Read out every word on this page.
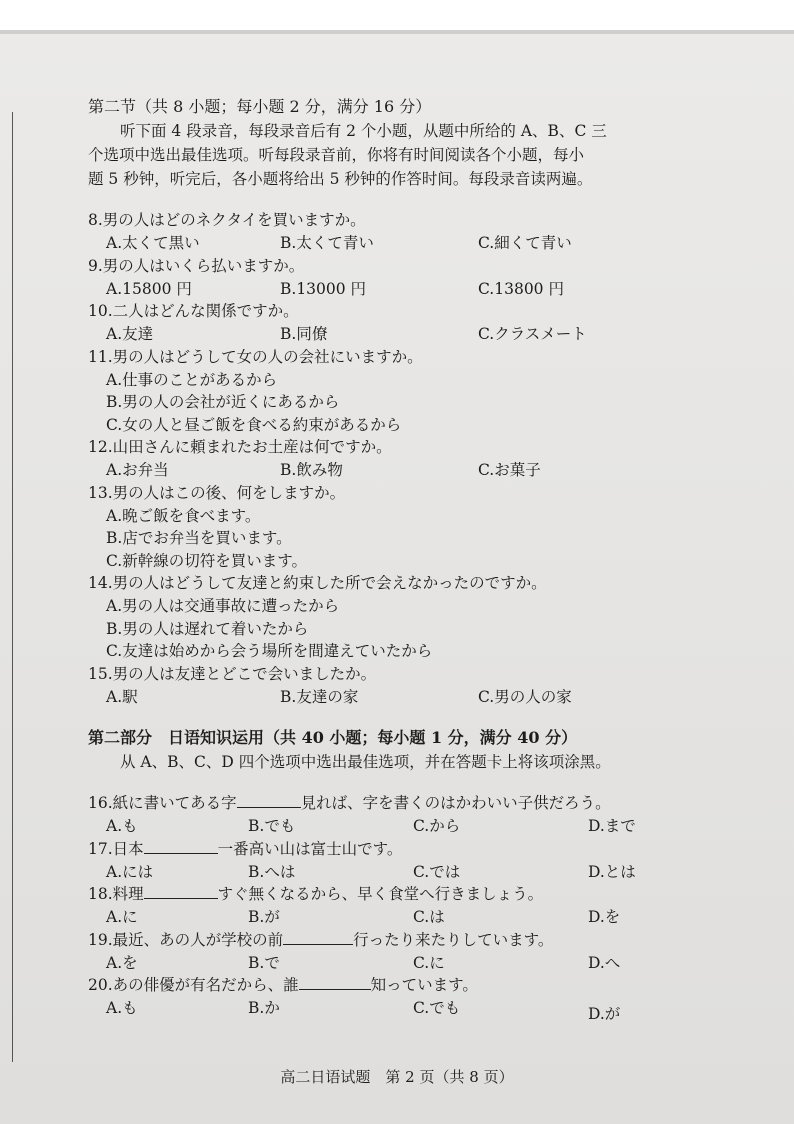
第二节（共 8 小题；每小题 2 分，满分 16 分）
听下面 4 段录音，每段录音后有 2 个小题，从题中所给的 A、B、C 三
个选项中选出最佳选项。听每段录音前，你将有时间阅读各个小题，每小
题 5 秒钟，听完后，各小题将给出 5 秒钟的作答时间。每段录音读两遍。
8.男の人はどのネクタイを買いますか。
A.太くて黒い	B.太くて青い	C.細くて青い
9.男の人はいくら払いますか。
A.15800 円	B.13000 円	C.13800 円
10.二人はどんな関係ですか。
A.友達	B.同僚	C.クラスメート
11.男の人はどうして女の人の会社にいますか。
A.仕事のことがあるから
B.男の人の会社が近くにあるから
C.女の人と昼ご飯を食べる約束があるから
12.山田さんに頼まれたお土産は何ですか。
A.お弁当	B.飲み物	C.お菓子
13.男の人はこの後、何をしますか。
A.晩ご飯を食べます。
B.店でお弁当を買います。
C.新幹線の切符を買います。
14.男の人はどうして友達と約束した所で会えなかったのですか。
A.男の人は交通事故に遭ったから
B.男の人は遅れて着いたから
C.友達は始めから会う場所を間違えていたから
15.男の人は友達とどこで会いましたか。
A.駅	B.友達の家	C.男の人の家
第二部分　日语知识运用（共 40 小题；每小题 1 分，满分 40 分）
从 A、B、C、D 四个选项中选出最佳选项，并在答题卡上将该项涂黑。
16.紙に書いてある字	見れば、字を書くのはかわいい子供だろう。
A.も	B.でも	C.から	D.まで
17.日本	一番高い山は富士山です。
A.には	B.へは	C.では	D.とは
18.料理	すぐ無くなるから、早く食堂へ行きましょう。
A.に	B.が	C.は	D.を
19.最近、あの人が学校の前	行ったり来たりしています。
A.を	B.で	C.に	D.へ
20.あの俳優が有名だから、誰	知っています。
A.も	B.か	C.でも	D.が
高二日语试题　第 2 页（共 8 页）
